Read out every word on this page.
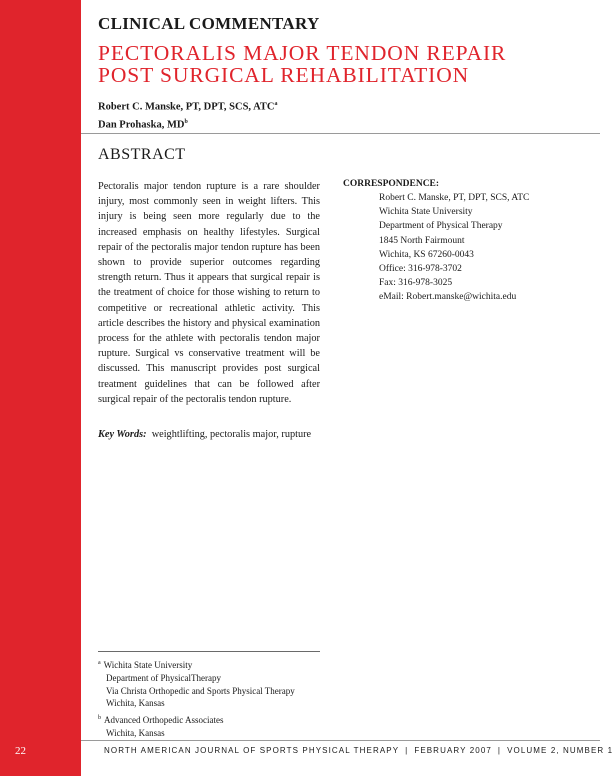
22
CLINICAL COMMENTARY
PECTORALIS MAJOR TENDON REPAIR
POST SURGICAL REHABILITATION
Robert C. Manske, PT, DPT, SCS, ATC$^a$
Dan Prohaska, $MD^b$
ABSTRACT

Pectoralis major tendon rupture is a rare shoulder injury, most commonly seen in weight lifters. This injury is being seen more regularly due to the increased emphasis on healthy lifestyles. Surgical repair of the pectoralis major tendon rupture has been shown to provide superior outcomes regarding strength return. Thus it appears that surgical repair is the treatment of choice for those wishing to return to competitive or recreational athletic activity. This article describes the history and physical examination process for the athlete with pectoralis tendon major rupture. Surgical vs conservative treatment will be discussed. This manuscript provides post surgical treatment guidelines that can be followed after surgical repair of the pectoralis tendon rupture.

Key Words: weightlifting, pectoralis major, rupture

CORRESPONDENCE:
Robert C. Manske, PT, DPT, SCS, ATC
Wichita State University
Department of Physical Therapy
1845 North Fairmount
Wichita, KS 67260-0043
Office: 316-978-3702
Fax: 316-978-3025
eMail: Robert.manske@wichita.edu
$^a$ Wichita State University
Department of PhysicalTherapy
Via Christa Orthopedic and Sports Physical Therapy
Wichita, Kansas
$^b$ Advanced Orthopedic Associates
Wichita, Kansas
NORTH AMERICAN JOURNAL OF SPORTS PHYSICAL THERAPY | FEBRUARY 2007 | VOLUME 2, NUMBER 1
